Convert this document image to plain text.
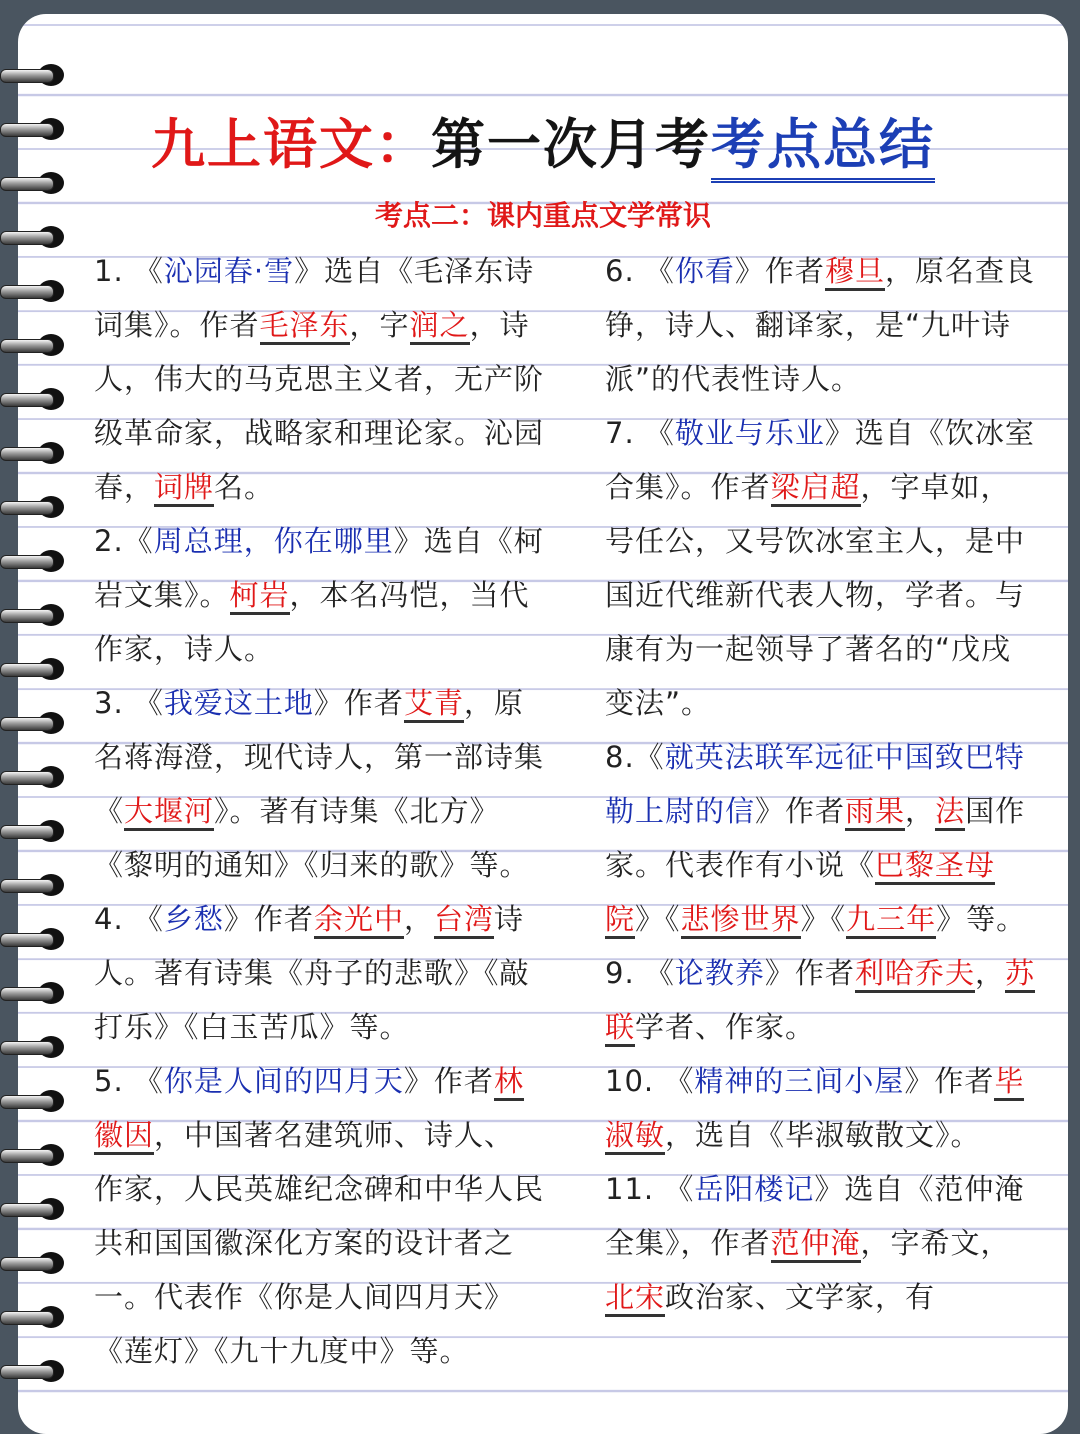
九上语文：第一次月考考点总结
考点二：课内重点文学常识

1. 《沁园春·雪》选自《毛泽东诗词集》。作者毛泽东，字润之，诗人，伟大的马克思主义者，无产阶级革命家，战略家和理论家。沁园春，词牌名。

2.《周总理，你在哪里》选自《柯岩文集》。柯岩，本名冯恺，当代作家，诗人。

3. 《我爱这土地》作者艾青，原名蒋海澄，现代诗人，第一部诗集《大堰河》。著有诗集《北方》《黎明的通知》《归来的歌》等。

4. 《乡愁》作者余光中，台湾诗人。著有诗集《舟子的悲歌》《敲打乐》《白玉苦瓜》等。

5. 《你是人间的四月天》作者林徽因，中国著名建筑师、诗人、作家，人民英雄纪念碑和中华人民共和国国徽深化方案的设计者之一。代表作《你是人间四月天》《莲灯》《九十九度中》等。

6. 《你看》作者穆旦，原名查良铮，诗人、翻译家，是“九叶诗派”的代表性诗人。

7. 《敬业与乐业》选自《饮冰室合集》。作者梁启超，字卓如，号任公，又号饮冰室主人，是中国近代维新代表人物，学者。与康有为一起领导了著名的“戊戌变法”。

8.《就英法联军远征中国致巴特勒上尉的信》作者雨果，法国作家。代表作有小说《巴黎圣母院》《悲惨世界》《九三年》等。

9. 《论教养》作者利哈乔夫，苏联学者、作家。

10. 《精神的三间小屋》作者毕淑敏，选自《毕淑敏散文》。

11. 《岳阳楼记》选自《范仲淹全集》，作者范仲淹，字希文，北宋政治家、文学家，有
